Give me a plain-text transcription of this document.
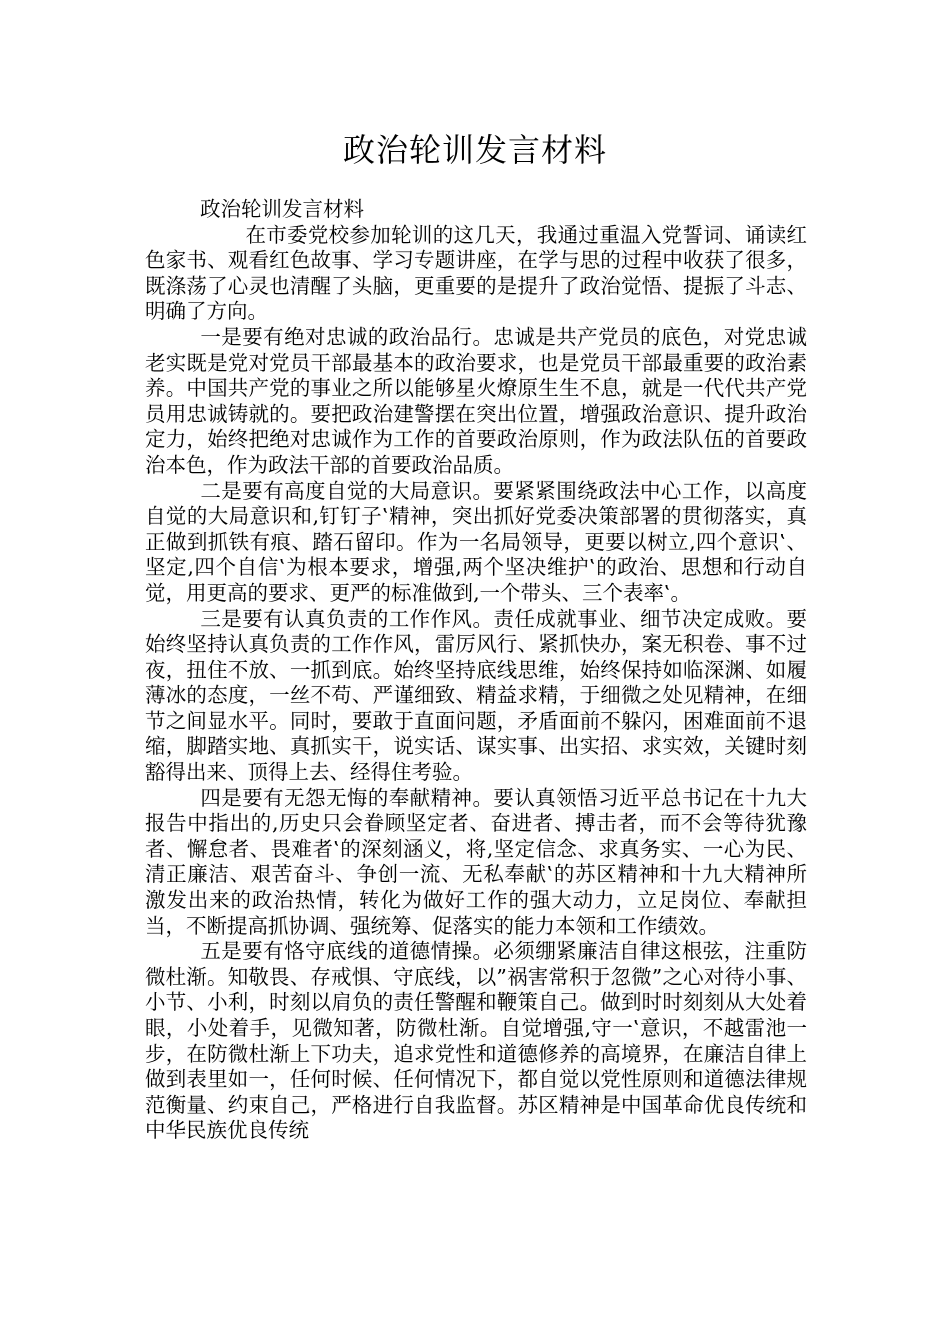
政治轮训发言材料

政治轮训发言材料

在市委党校参加轮训的这几天，我通过重温入党誓词、诵读红色家书、观看红色故事、学习专题讲座，在学与思的过程中收获了很多，既涤荡了心灵也清醒了头脑，更重要的是提升了政治觉悟、提振了斗志、明确了方向。

一是要有绝对忠诚的政治品行。忠诚是共产党员的底色，对党忠诚老实既是党对党员干部最基本的政治要求，也是党员干部最重要的政治素养。中国共产党的事业之所以能够星火燎原生生不息，就是一代代共产党员用忠诚铸就的。要把政治建警摆在突出位置，增强政治意识、提升政治定力，始终把绝对忠诚作为工作的首要政治原则，作为政法队伍的首要政治本色，作为政法干部的首要政治品质。

二是要有高度自觉的大局意识。要紧紧围绕政法中心工作，以高度自觉的大局意识和‚钉钉子‛精神，突出抓好党委决策部署的贯彻落实，真正做到抓铁有痕、踏石留印。作为一名局领导，更要以树立‚四个意识‛、坚定‚四个自信‛为根本要求，增强‚两个坚决维护‛的政治、思想和行动自觉，用更高的要求、更严的标准做到‚一个带头、三个表率‛。

三是要有认真负责的工作作风。责任成就事业、细节决定成败。要始终坚持认真负责的工作作风，雷厉风行、紧抓快办，案无积卷、事不过夜，扭住不放、一抓到底。始终坚持底线思维，始终保持如临深渊、如履薄冰的态度，一丝不苟、严谨细致、精益求精，于细微之处见精神，在细节之间显水平。同时，要敢于直面问题，矛盾面前不躲闪，困难面前不退缩，脚踏实地、真抓实干，说实话、谋实事、出实招、求实效，关键时刻豁得出来、顶得上去、经得住考验。

四是要有无怨无悔的奉献精神。要认真领悟习近平总书记在十九大报告中指出的‚历史只会眷顾坚定者、奋进者、搏击者，而不会等待犹豫者、懈怠者、畏难者‛的深刻涵义，将‚坚定信念、求真务实、一心为民、清正廉洁、艰苦奋斗、争创一流、无私奉献‛的苏区精神和十九大精神所激发出来的政治热情，转化为做好工作的强大动力，立足岗位、奉献担当，不断提高抓协调、强统筹、促落实的能力本领和工作绩效。

五是要有恪守底线的道德情操。必须绷紧廉洁自律这根弦，注重防微杜渐。知敬畏、存戒惧、守底线，以”祸害常积于忽微”之心对待小事、小节、小利，时刻以肩负的责任警醒和鞭策自己。做到时时刻刻从大处着眼，小处着手，见微知著，防微杜渐。自觉增强‚守一‛意识，不越雷池一步，在防微杜渐上下功夫，追求党性和道德修养的高境界，在廉洁自律上做到表里如一，任何时候、任何情况下，都自觉以党性原则和道德法律规范衡量、约束自己，严格进行自我监督。苏区精神是中国革命优良传统和中华民族优良传统
